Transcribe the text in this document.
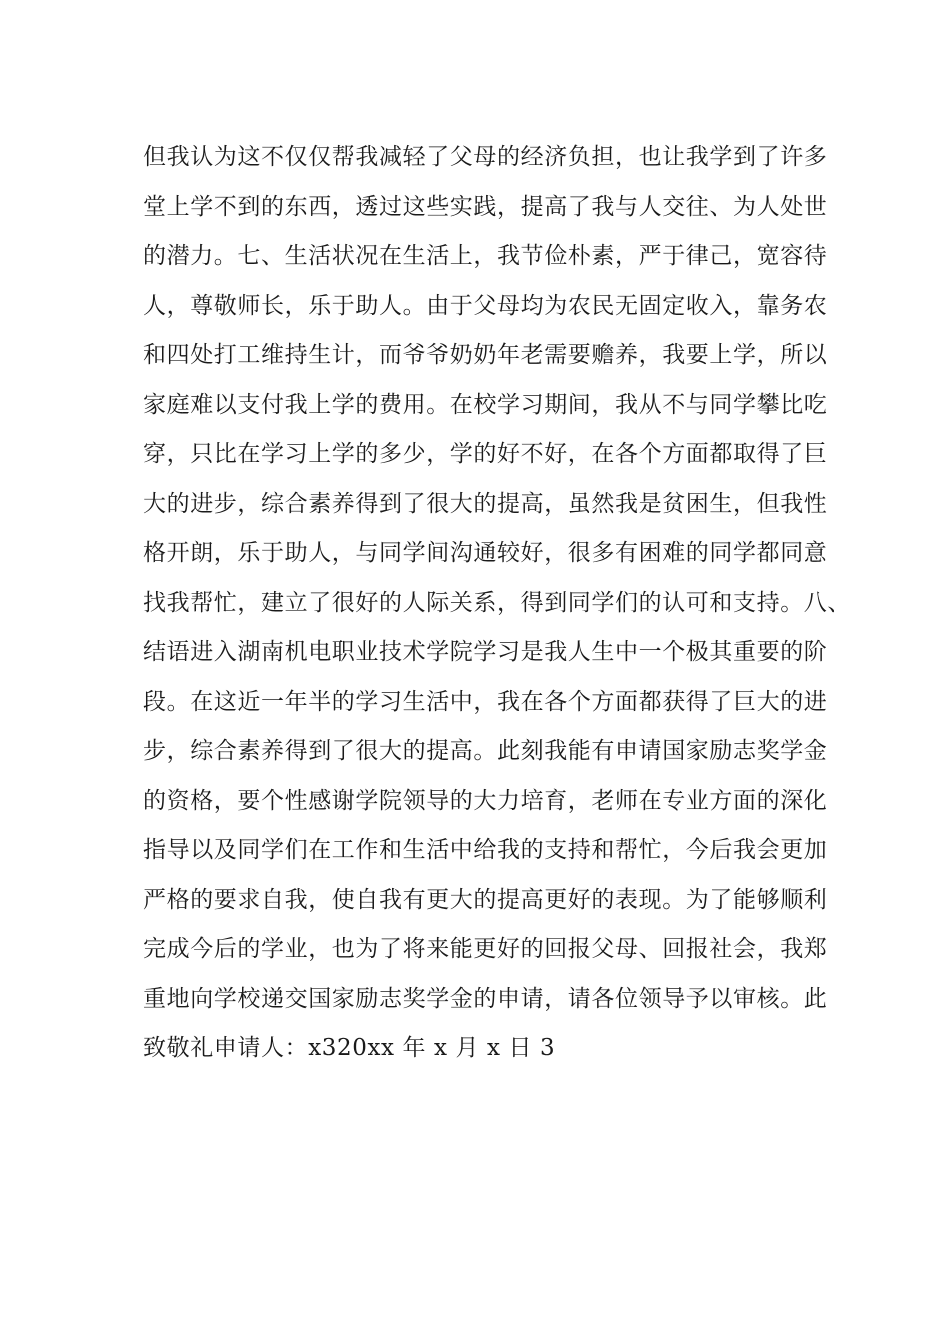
但我认为这不仅仅帮我减轻了父母的经济负担，也让我学到了许多
堂上学不到的东西，透过这些实践，提高了我与人交往、为人处世
的潜力。七、生活状况在生活上，我节俭朴素，严于律己，宽容待
人，尊敬师长，乐于助人。由于父母均为农民无固定收入，靠务农
和四处打工维持生计，而爷爷奶奶年老需要赡养，我要上学，所以
家庭难以支付我上学的费用。在校学习期间，我从不与同学攀比吃
穿，只比在学习上学的多少，学的好不好，在各个方面都取得了巨
大的进步，综合素养得到了很大的提高，虽然我是贫困生，但我性
格开朗，乐于助人，与同学间沟通较好，很多有困难的同学都同意
找我帮忙，建立了很好的人际关系，得到同学们的认可和支持。八、
结语进入湖南机电职业技术学院学习是我人生中一个极其重要的阶
段。在这近一年半的学习生活中，我在各个方面都获得了巨大的进
步，综合素养得到了很大的提高。此刻我能有申请国家励志奖学金
的资格，要个性感谢学院领导的大力培育，老师在专业方面的深化
指导以及同学们在工作和生活中给我的支持和帮忙，今后我会更加
严格的要求自我，使自我有更大的提高更好的表现。为了能够顺利
完成今后的学业，也为了将来能更好的回报父母、回报社会，我郑
重地向学校递交国家励志奖学金的申请，请各位领导予以审核。此
致敬礼申请人：x320xx 年 x 月 x 日 3
